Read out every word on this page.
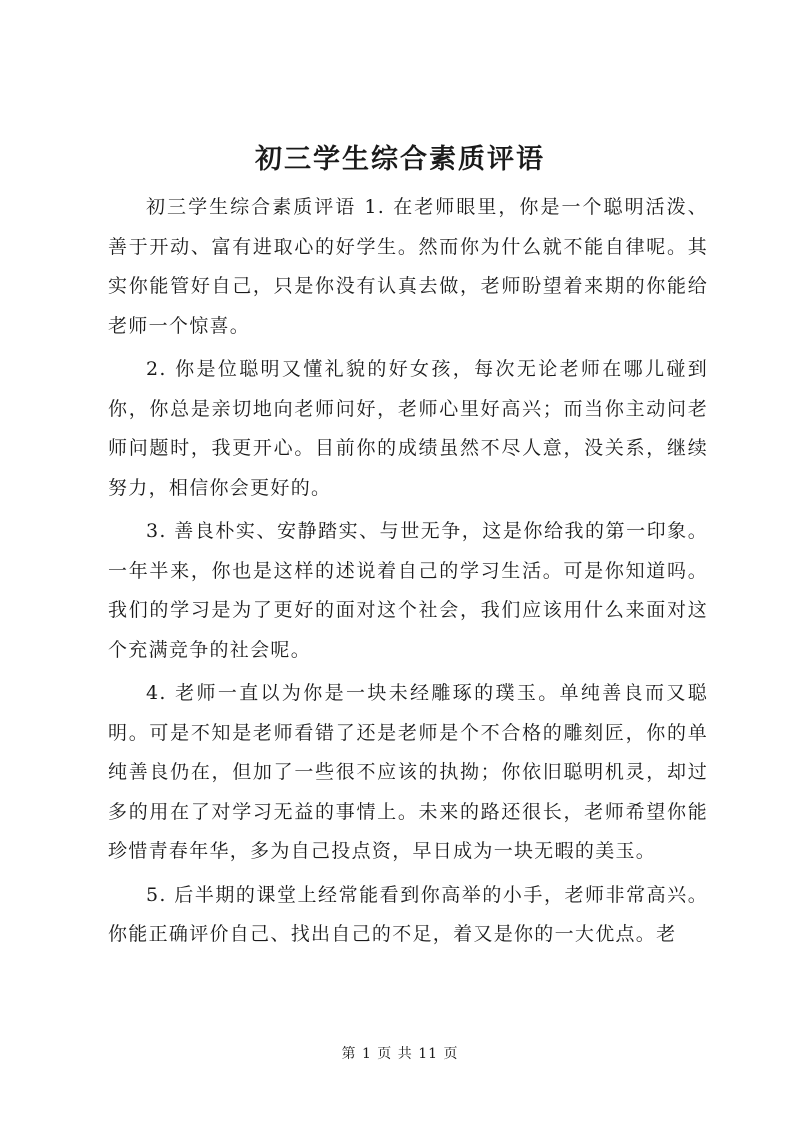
初三学生综合素质评语

初三学生综合素质评语 1. 在老师眼里，你是一个聪明活泼、善于开动、富有进取心的好学生。然而你为什么就不能自律呢。其实你能管好自己，只是你没有认真去做，老师盼望着来期的你能给老师一个惊喜。

2. 你是位聪明又懂礼貌的好女孩，每次无论老师在哪儿碰到你，你总是亲切地向老师问好，老师心里好高兴；而当你主动问老师问题时，我更开心。目前你的成绩虽然不尽人意，没关系，继续努力，相信你会更好的。

3. 善良朴实、安静踏实、与世无争，这是你给我的第一印象。一年半来，你也是这样的述说着自己的学习生活。可是你知道吗。我们的学习是为了更好的面对这个社会，我们应该用什么来面对这个充满竞争的社会呢。

4. 老师一直以为你是一块未经雕琢的璞玉。单纯善良而又聪明。可是不知是老师看错了还是老师是个不合格的雕刻匠，你的单纯善良仍在，但加了一些很不应该的执拗；你依旧聪明机灵，却过多的用在了对学习无益的事情上。未来的路还很长，老师希望你能珍惜青春年华，多为自己投点资，早日成为一块无暇的美玉。

5. 后半期的课堂上经常能看到你高举的小手，老师非常高兴。你能正确评价自己、找出自己的不足，着又是你的一大优点。老

第 1 页 共 11 页
